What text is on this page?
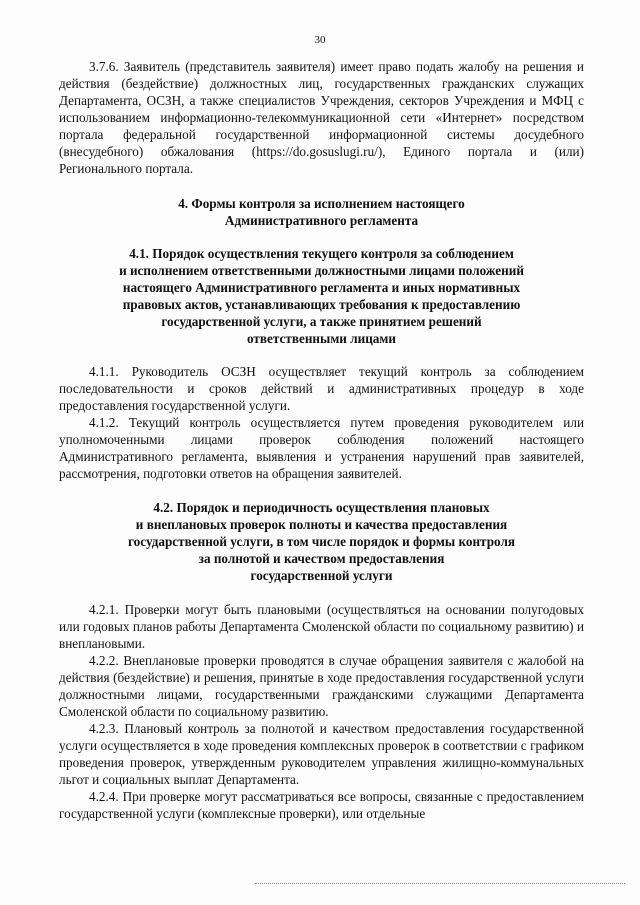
30

3.7.6. Заявитель (представитель заявителя) имеет право подать жалобу на решения и действия (бездействие) должностных лиц, государственных гражданских служащих Департамента, ОСЗН, а также специалистов Учреждения, секторов Учреждения и МФЦ с использованием информационно-телекоммуникационной сети «Интернет» посредством портала федеральной государственной информационной системы досудебного (внесудебного) обжалования (https://do.gosuslugi.ru/), Единого портала и (или) Регионального портала.

4. Формы контроля за исполнением настоящего
Административного регламента
4.1. Порядок осуществления текущего контроля за соблюдением
и исполнением ответственными должностными лицами положений
настоящего Административного регламента и иных нормативных
правовых актов, устанавливающих требования к предоставлению
государственной услуги, а также принятием решений
ответственными лицами

4.1.1. Руководитель ОСЗН осуществляет текущий контроль за соблюдением последовательности и сроков действий и административных процедур в ходе предоставления государственной услуги.

4.1.2. Текущий контроль осуществляется путем проведения руководителем или уполномоченными лицами проверок соблюдения положений настоящего Административного регламента, выявления и устранения нарушений прав заявителей, рассмотрения, подготовки ответов на обращения заявителей.

4.2. Порядок и периодичность осуществления плановых
и внеплановых проверок полноты и качества предоставления
государственной услуги, в том числе порядок и формы контроля
за полнотой и качеством предоставления
государственной услуги

4.2.1. Проверки могут быть плановыми (осуществляться на основании полугодовых или годовых планов работы Департамента Смоленской области по социальному развитию) и внеплановыми.

4.2.2. Внеплановые проверки проводятся в случае обращения заявителя с жалобой на действия (бездействие) и решения, принятые в ходе предоставления государственной услуги должностными лицами, государственными гражданскими служащими Департамента Смоленской области по социальному развитию.

4.2.3. Плановый контроль за полнотой и качеством предоставления государственной услуги осуществляется в ходе проведения комплексных проверок в соответствии с графиком проведения проверок, утвержденным руководителем управления жилищно-коммунальных льгот и социальных выплат Департамента.

4.2.4. При проверке могут рассматриваться все вопросы, связанные с предоставлением государственной услуги (комплексные проверки), или отдельные
